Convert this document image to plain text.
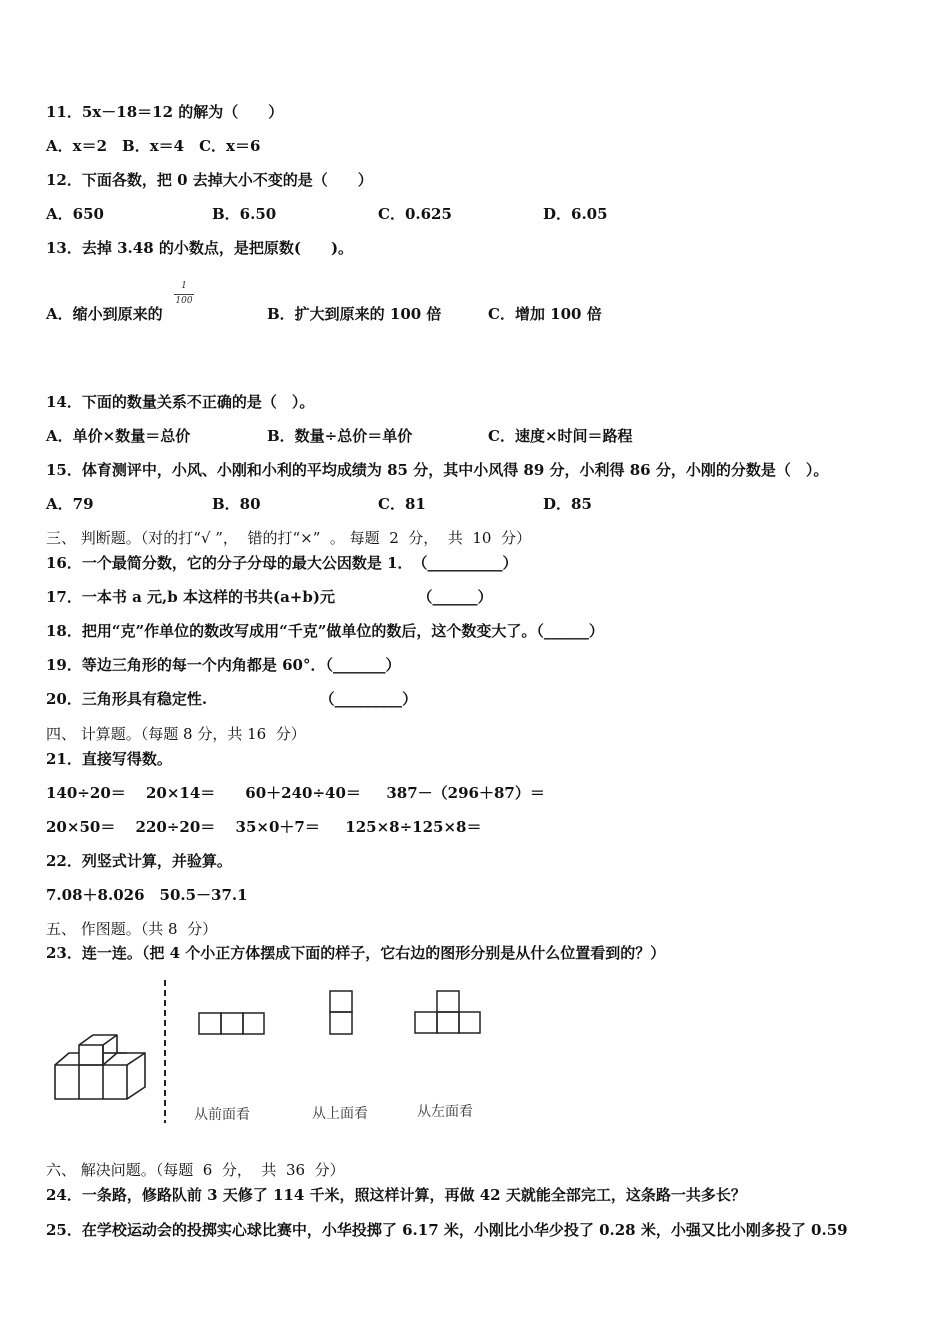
11．5x－18＝12 的解为（　　）
A．x＝2　B．x＝4　C．x＝6
12．下面各数，把 0 去掉大小不变的是（　　）
A．650	B．6.50	C．0.625	D．6.05
13．去掉 3.48 的小数点，是把原数(　　)。
A．缩小到原来的
1
100
B．扩大到原来的 100 倍	C．增加 100 倍
14．下面的数量关系不正确的是（　）。
A．单价×数量＝总价	B．数量÷总价＝单价	C．速度×时间＝路程
15．体育测评中，小风、小刚和小利的平均成绩为 85 分，其中小风得 89 分，小利得 86 分，小刚的分数是（　）。
A．79	B．80	C．81	D．85
三、 判断题。（对的打“√ ”，  错的打“×”  。 每题  2  分，  共  10  分）
16．一个最简分数，它的分子分母的最大公因数是 1．　（__________）
17．一本书 a 元,b 本这样的书共(a+b)元　　　　　　（______）
18．把用“克”作单位的数改写成用“千克”做单位的数后，这个数变大了。（______）
19．等边三角形的每一个内角都是 60°．（_______）
20．三角形具有稳定性.　　　　　　　　（_________）
四、 计算题。（每题 8 分，共 16  分）
21．直接写得数。
140÷20＝　 20×14＝　　60＋240÷40＝　  387－（296＋87）＝
20×50＝　 220÷20＝　 35×0＋7＝　  125×8÷125×8＝
22．列竖式计算，并验算。
7.08＋8.026　50.5－37.1
五、 作图题。（共 8  分）
23．连一连。（把 4 个小正方体摆成下面的样子，它右边的图形分别是从什么位置看到的？）
从前面看	从上面看	从左面看
六、 解决问题。（每题  6  分，  共  36  分）
24．一条路，修路队前 3 天修了 114 千米，照这样计算，再做 42 天就能全部完工，这条路一共多长？
25．在学校运动会的投掷实心球比赛中，小华投掷了 6.17 米，小刚比小华少投了 0.28 米，小强又比小刚多投了 0.59
